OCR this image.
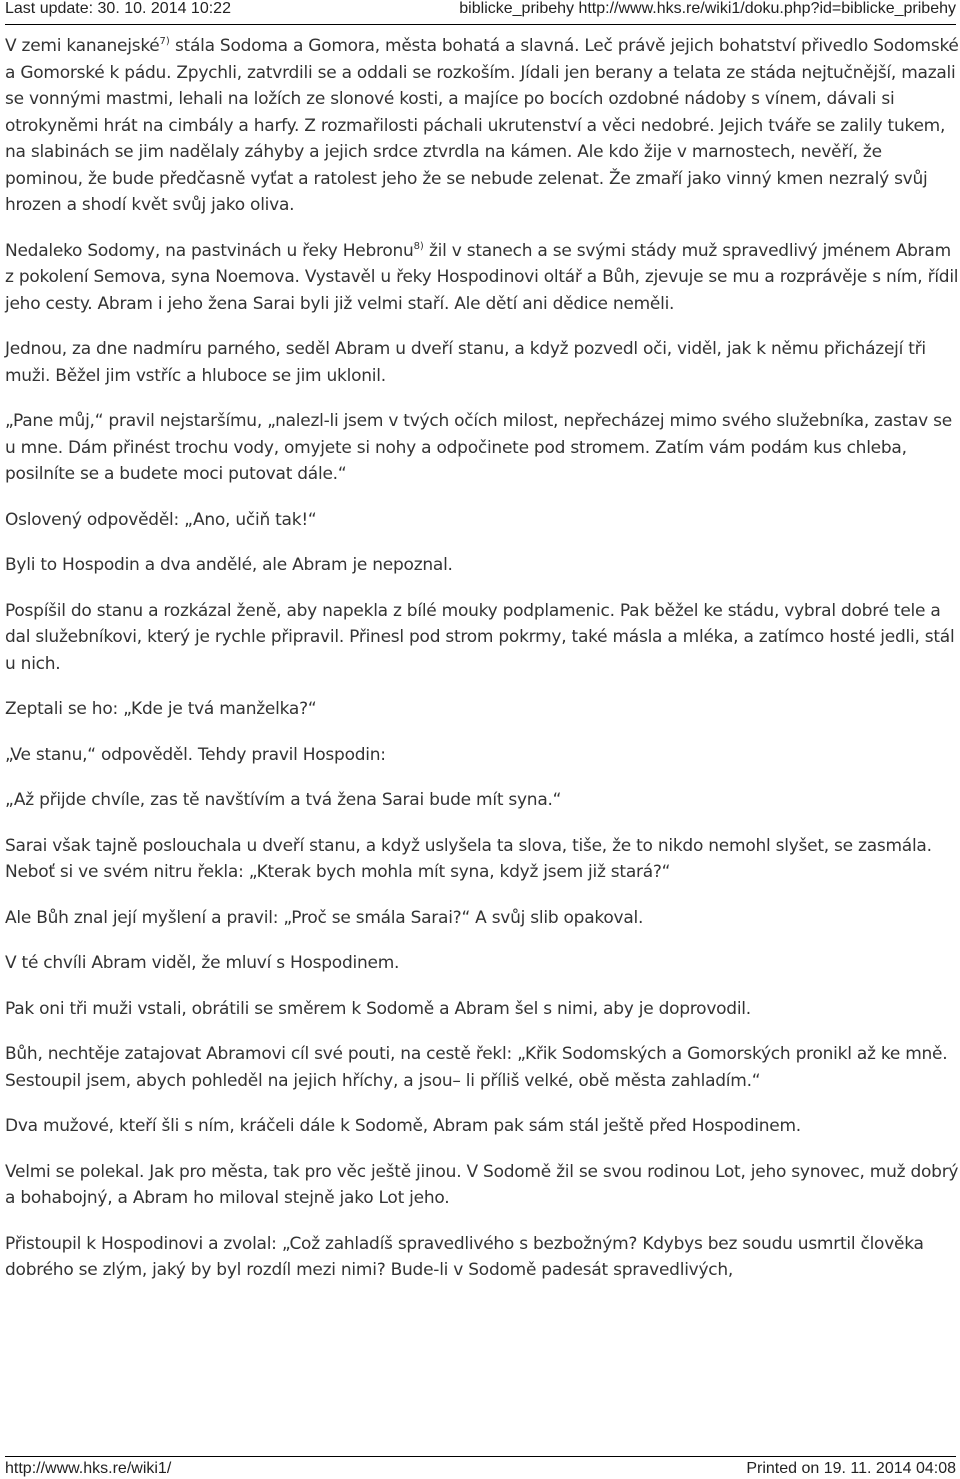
Last update: 30. 10. 2014 10:22	biblicke_pribehy http://www.hks.re/wiki1/doku.php?id=biblicke_pribehy

V zemi kananejské$^{7)}$ stála Sodoma a Gomora, města bohatá a slavná. Leč právě jejich bohatství přivedlo Sodomské a Gomorské k pádu. Zpychli, zatvrdili se a oddali se rozkoším. Jídali jen berany a telata ze stáda nejtučnější, mazali se vonnými mastmi, lehali na ložích ze slonové kosti, a majíce po bocích ozdobné nádoby s vínem, dávali si otrokyněmi hrát na cimbály a harfy. Z rozmařilosti páchali ukrutenství a věci nedobré. Jejich tváře se zalily tukem, na slabinách se jim nadělaly záhyby a jejich srdce ztvrdla na kámen. Ale kdo žije v marnostech, nevěří, že pominou, že bude předčasně vyťat a ratolest jeho že se nebude zelenat. Že zmaří jako vinný kmen nezralý svůj hrozen a shodí květ svůj jako oliva.

Nedaleko Sodomy, na pastvinách u řeky Hebronu$^{8)}$ žil v stanech a se svými stády muž spravedlivý jménem Abram z pokolení Semova, syna Noemova. Vystavěl u řeky Hospodinovi oltář a Bůh, zjevuje se mu a rozprávěje s ním, řídil jeho cesty. Abram i jeho žena Sarai byli již velmi staří. Ale dětí ani dědice neměli.

Jednou, za dne nadmíru parného, seděl Abram u dveří stanu, a když pozvedl oči, viděl, jak k němu přicházejí tři muži. Běžel jim vstříc a hluboce se jim uklonil.

„Pane můj,“ pravil nejstaršímu, „nalezl-li jsem v tvých očích milost, nepřecházej mimo svého služebníka, zastav se u mne. Dám přinést trochu vody, omyjete si nohy a odpočinete pod stromem. Zatím vám podám kus chleba, posilníte se a budete moci putovat dále.“

Oslovený odpověděl: „Ano, učiň tak!“

Byli to Hospodin a dva andělé, ale Abram je nepoznal.

Pospíšil do stanu a rozkázal ženě, aby napekla z bílé mouky podplamenic. Pak běžel ke stádu, vybral dobré tele a dal služebníkovi, který je rychle připravil. Přinesl pod strom pokrmy, také másla a mléka, a zatímco hosté jedli, stál u nich.

Zeptali se ho: „Kde je tvá manželka?“

„Ve stanu,“ odpověděl. Tehdy pravil Hospodin:

„Až přijde chvíle, zas tě navštívím a tvá žena Sarai bude mít syna.“

Sarai však tajně poslouchala u dveří stanu, a když uslyšela ta slova, tiše, že to nikdo nemohl slyšet, se zasmála. Neboť si ve svém nitru řekla: „Kterak bych mohla mít syna, když jsem již stará?“

Ale Bůh znal její myšlení a pravil: „Proč se smála Sarai?“ A svůj slib opakoval.

V té chvíli Abram viděl, že mluví s Hospodinem.

Pak oni tři muži vstali, obrátili se směrem k Sodomě a Abram šel s nimi, aby je doprovodil.

Bůh, nechtěje zatajovat Abramovi cíl své pouti, na cestě řekl: „Křik Sodomských a Gomorských pronikl až ke mně. Sestoupil jsem, abych pohleděl na jejich hříchy, a jsou– li příliš velké, obě města zahladím.“

Dva mužové, kteří šli s ním, kráčeli dále k Sodomě, Abram pak sám stál ještě před Hospodinem.

Velmi se polekal. Jak pro města, tak pro věc ještě jinou. V Sodomě žil se svou rodinou Lot, jeho synovec, muž dobrý a bohabojný, a Abram ho miloval stejně jako Lot jeho.

Přistoupil k Hospodinovi a zvolal: „Což zahladíš spravedlivého s bezbožným? Kdybys bez soudu usmrtil člověka dobrého se zlým, jaký by byl rozdíl mezi nimi? Bude-li v Sodomě padesát spravedlivých,

http://www.hks.re/wiki1/	Printed on 19. 11. 2014 04:08
